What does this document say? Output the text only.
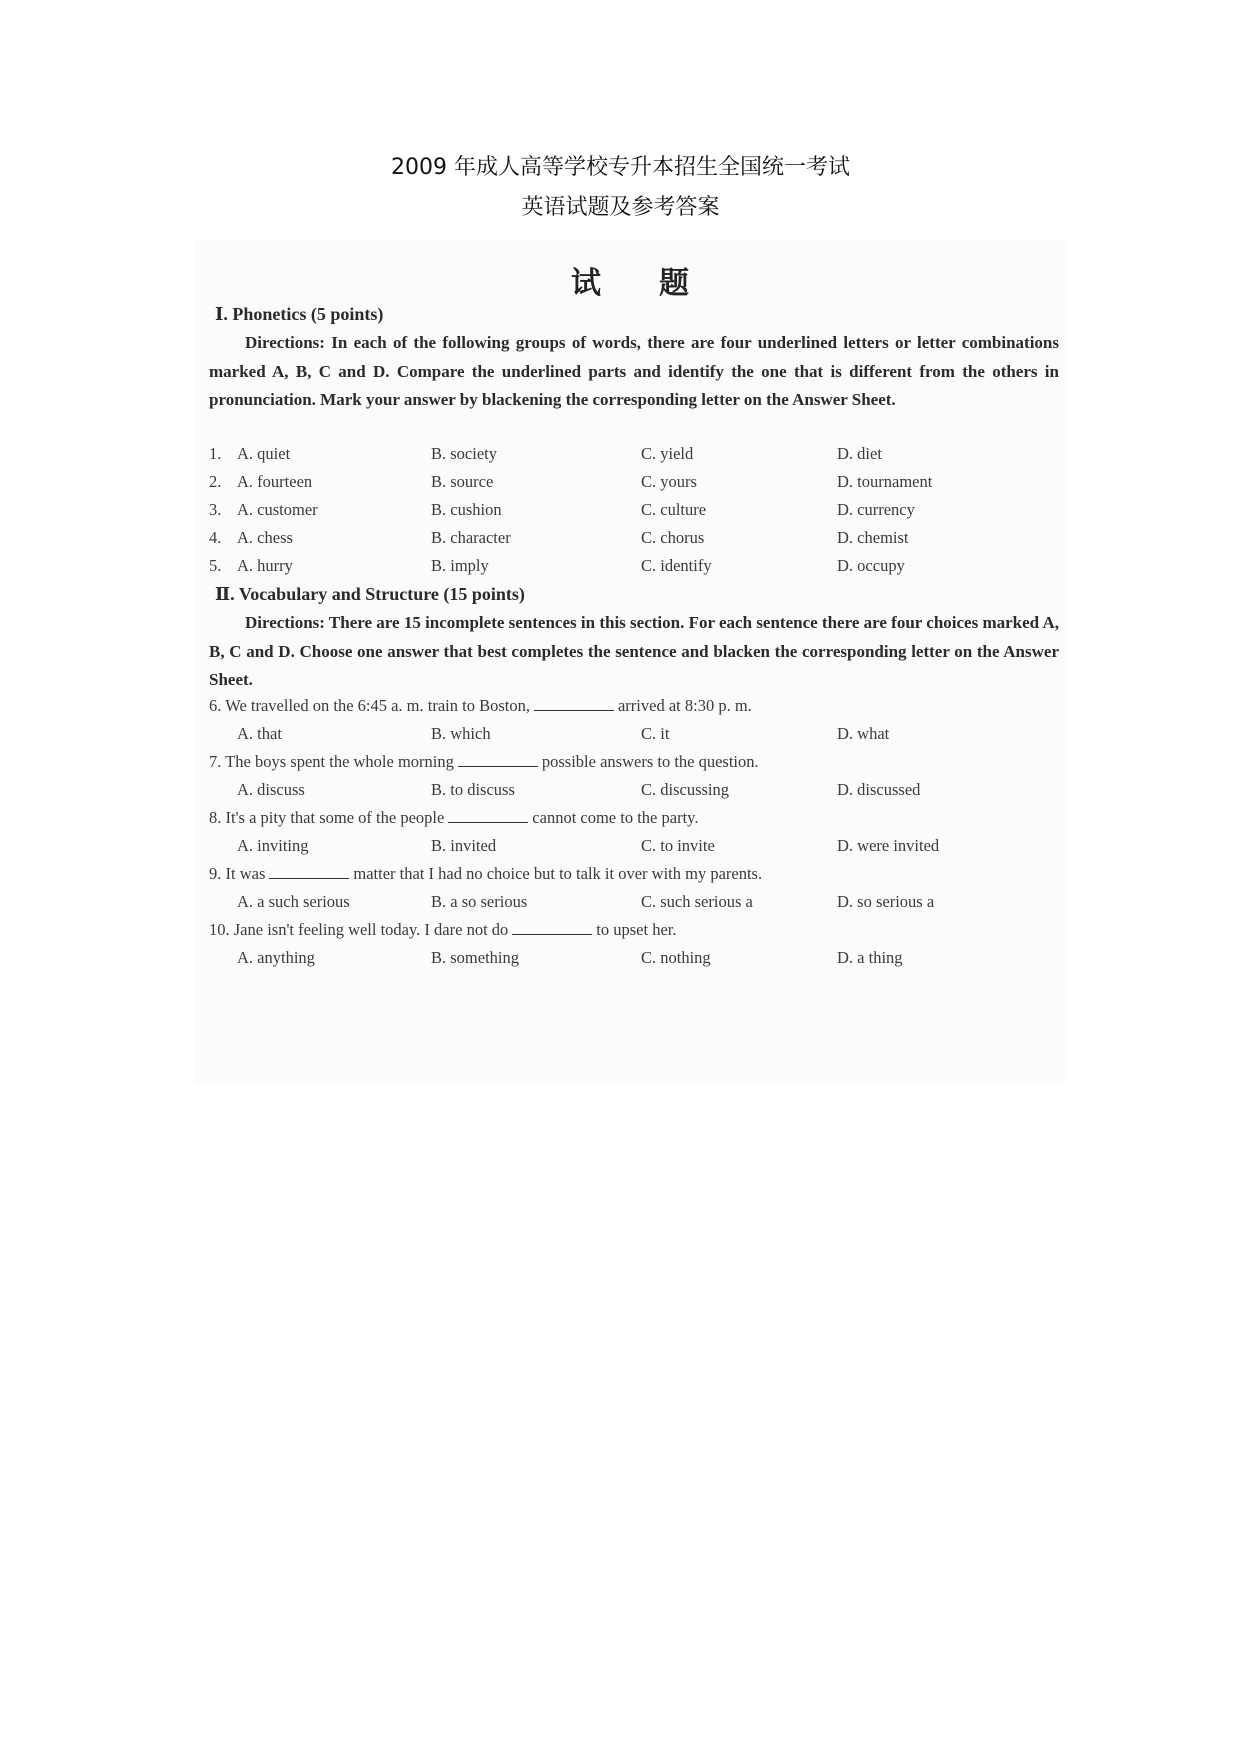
2009 年成人高等学校专升本招生全国统一考试
英语试题及参考答案
试题
Ⅰ. Phonetics (5 points)
Directions: In each of the following groups of words, there are four underlined letters or letter combinations marked A, B, C and D. Compare the underlined parts and identify the one that is different from the others in pronunciation. Mark your answer by blackening the corresponding letter on the Answer Sheet.
1. A. quiet	B. society	C. yield	D. diet
2. A. fourteen	B. source	C. yours	D. tournament
3. A. customer	B. cushion	C. culture	D. currency
4. A. chess	B. character	C. chorus	D. chemist
5. A. hurry	B. imply	C. identify	D. occupy
Ⅱ. Vocabulary and Structure (15 points)
Directions: There are 15 incomplete sentences in this section. For each sentence there are four choices marked A, B, C and D. Choose one answer that best completes the sentence and blacken the corresponding letter on the Answer Sheet.
6. We travelled on the 6:45 a. m. train to Boston,	arrived at 8:30 p. m.
A. that	B. which	C. it	D. what
7. The boys spent the whole morning	possible answers to the question.
A. discuss	B. to discuss	C. discussing	D. discussed
8. It's a pity that some of the people	cannot come to the party.
A. inviting	B. invited	C. to invite	D. were invited
9. It was	matter that I had no choice but to talk it over with my parents.
A. a such serious	B. a so serious	C. such serious a	D. so serious a
10. Jane isn't feeling well today. I dare not do	to upset her.
A. anything	B. something	C. nothing	D. a thing
